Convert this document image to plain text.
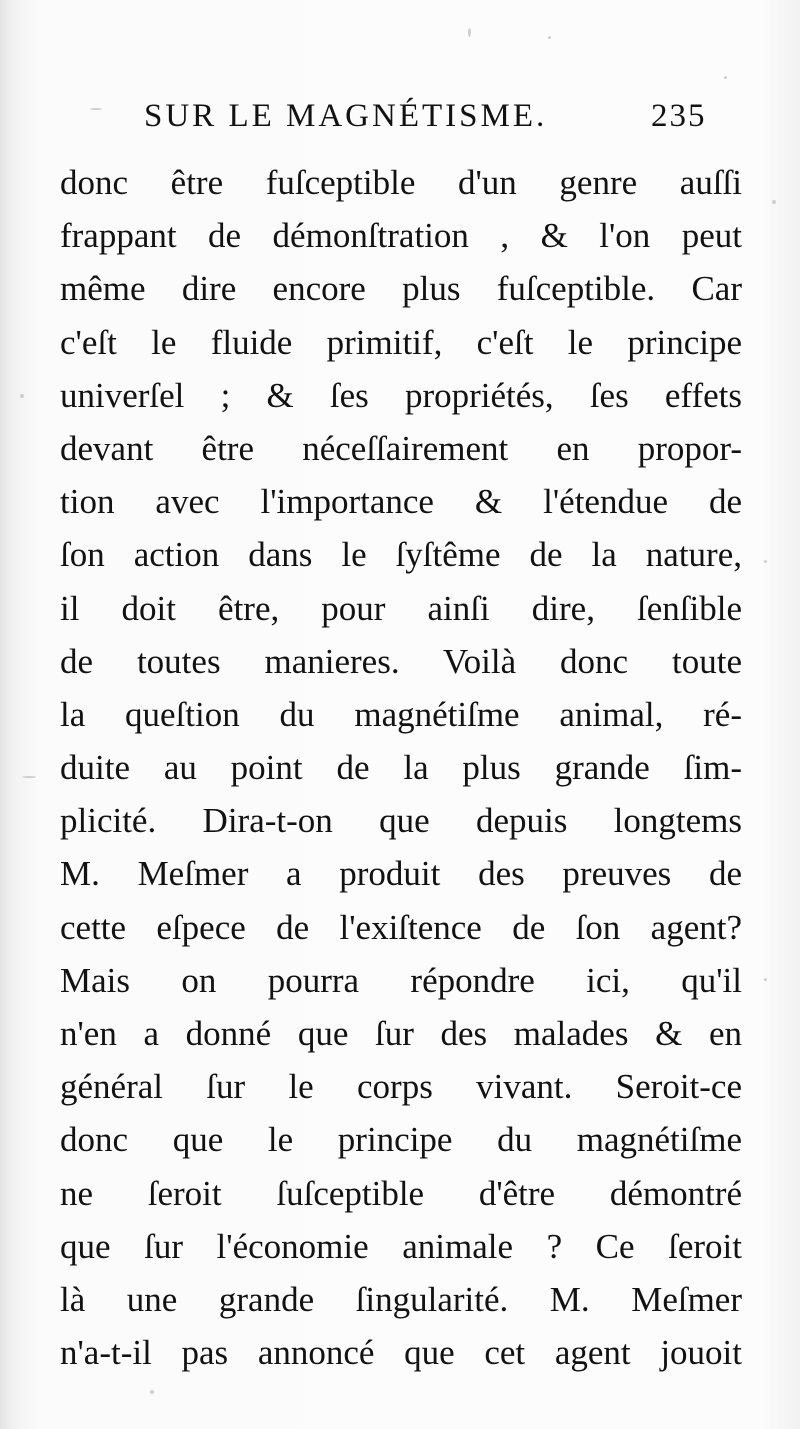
SUR LE MAGNÉTISME.	235
donc être fuſceptible d'un genre auſſi
frappant de démonſtration , & l'on peut
même dire encore plus fuſceptible. Car
c'eſt le fluide primitif, c'eſt le principe
univerſel ; & ſes propriétés, ſes effets
devant être néceſſairement en propor-
tion avec l'importance & l'étendue de
ſon action dans le ſyſtême de la nature,
il doit être, pour ainſi dire, ſenſible
de toutes manieres. Voilà donc toute
la queſtion du magnétiſme animal, ré-
duite au point de la plus grande ſim-
plicité. Dira-t-on que depuis longtems
M. Meſmer a produit des preuves de
cette eſpece de l'exiſtence de ſon agent?
Mais on pourra répondre ici, qu'il
n'en a donné que ſur des malades & en
général ſur le corps vivant. Seroit-ce
donc que le principe du magnétiſme
ne ſeroit ſuſceptible d'être démontré
que ſur l'économie animale ? Ce ſeroit
là une grande ſingularité. M. Meſmer
n'a-t-il pas annoncé que cet agent jouoit
